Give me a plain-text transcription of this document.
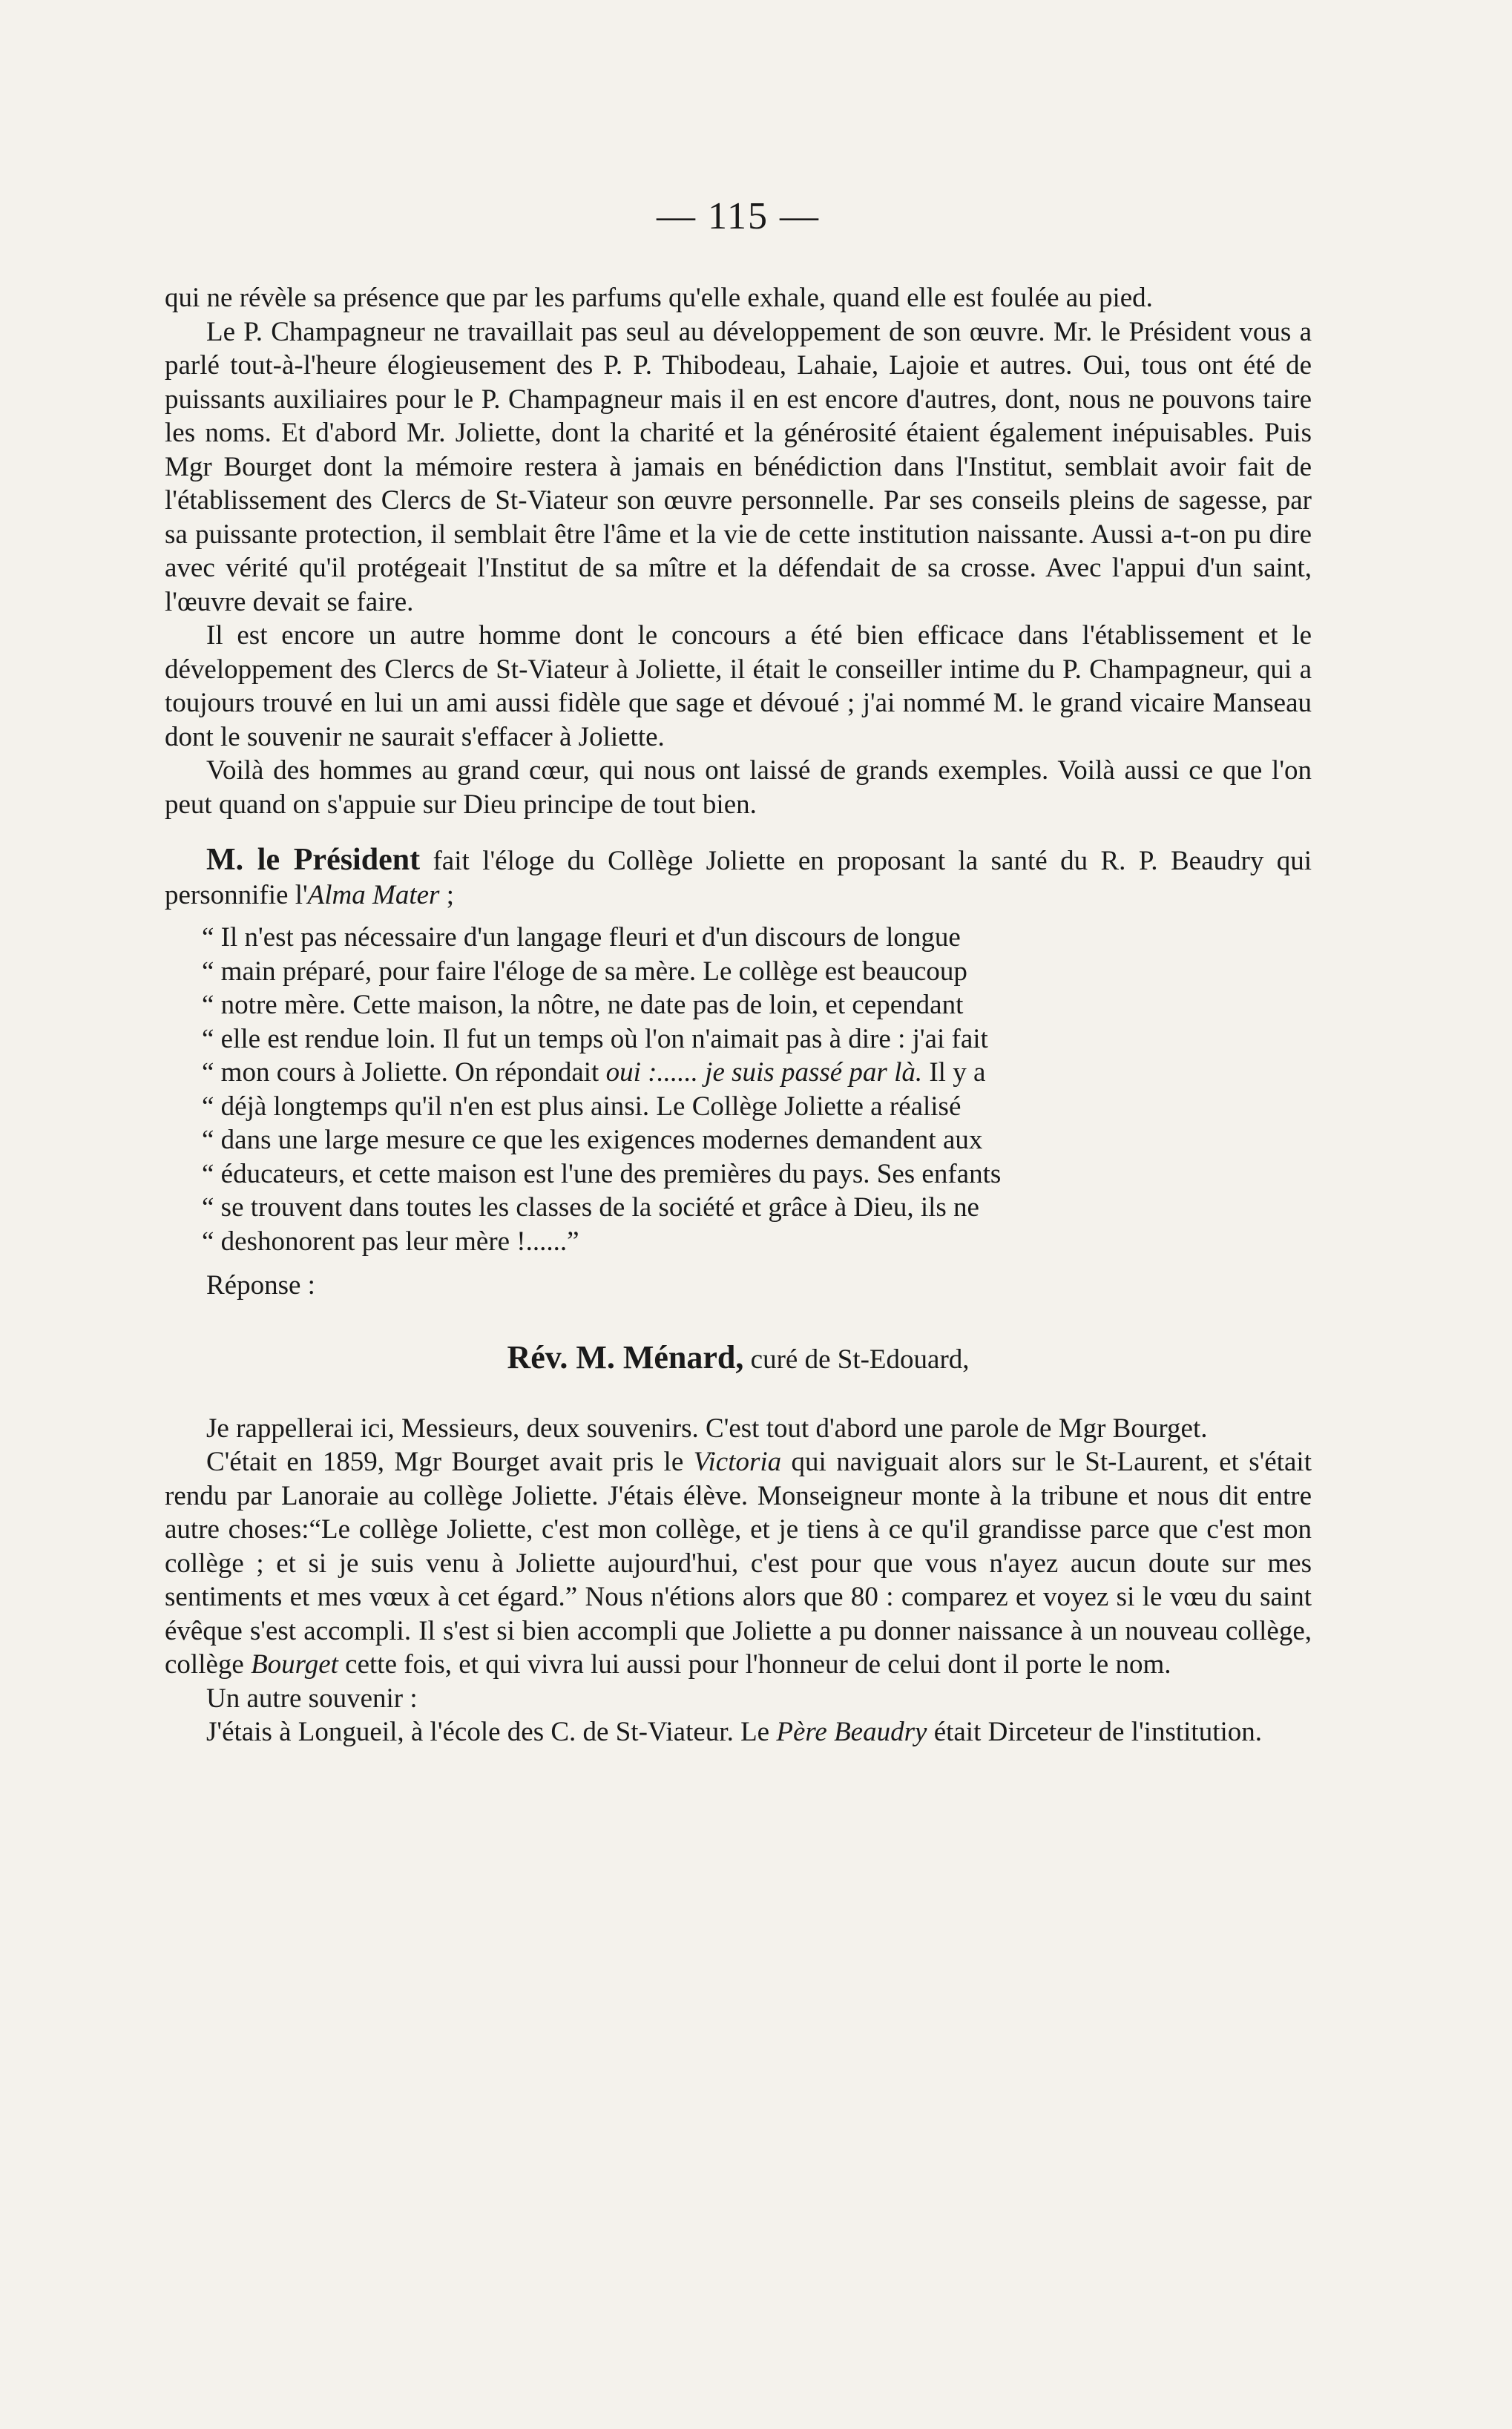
— 115 —

qui ne révèle sa présence que par les parfums qu'elle exhale, quand elle est foulée au pied.

Le P. Champagneur ne travaillait pas seul au développement de son œuvre. Mr. le Président vous a parlé tout-à-l'heure élogieusement des P. P. Thibodeau, Lahaie, Lajoie et autres. Oui, tous ont été de puissants auxiliaires pour le P. Champagneur mais il en est encore d'autres, dont, nous ne pouvons taire les noms. Et d'abord Mr. Joliette, dont la charité et la générosité étaient également inépuisables. Puis Mgr Bourget dont la mémoire restera à jamais en bénédiction dans l'Institut, semblait avoir fait de l'établissement des Clercs de St-Viateur son œuvre personnelle. Par ses conseils pleins de sagesse, par sa puissante protection, il semblait être l'âme et la vie de cette institution naissante. Aussi a-t-on pu dire avec vérité qu'il protégeait l'Institut de sa mître et la défendait de sa crosse. Avec l'appui d'un saint, l'œuvre devait se faire.

Il est encore un autre homme dont le concours a été bien efficace dans l'établissement et le développement des Clercs de St-Viateur à Joliette, il était le conseiller intime du P. Champagneur, qui a toujours trouvé en lui un ami aussi fidèle que sage et dévoué ; j'ai nommé M. le grand vicaire Manseau dont le souvenir ne saurait s'effacer à Joliette.

Voilà des hommes au grand cœur, qui nous ont laissé de grands exemples. Voilà aussi ce que l'on peut quand on s'appuie sur Dieu principe de tout bien.

M. le Président fait l'éloge du Collège Joliette en proposant la santé du R. P. Beaudry qui personnifie l'Alma Mater ;

“ Il n'est pas nécessaire d'un langage fleuri et d'un discours de longue
“ main préparé, pour faire l'éloge de sa mère. Le collège est beaucoup
“ notre mère. Cette maison, la nôtre, ne date pas de loin, et cependant
“ elle est rendue loin. Il fut un temps où l'on n'aimait pas à dire : j'ai fait
“ mon cours à Joliette. On répondait oui :...... je suis passé par là. Il y a
“ déjà longtemps qu'il n'en est plus ainsi. Le Collège Joliette a réalisé
“ dans une large mesure ce que les exigences modernes demandent aux
“ éducateurs, et cette maison est l'une des premières du pays. Ses enfants
“ se trouvent dans toutes les classes de la société et grâce à Dieu, ils ne
“ deshonorent pas leur mère !......”

Réponse :

Rév. M. Ménard, curé de St-Edouard,

Je rappellerai ici, Messieurs, deux souvenirs. C'est tout d'abord une parole de Mgr Bourget.

C'était en 1859, Mgr Bourget avait pris le Victoria qui naviguait alors sur le St-Laurent, et s'était rendu par Lanoraie au collège Joliette. J'étais élève. Monseigneur monte à la tribune et nous dit entre autre choses:“Le collège Joliette, c'est mon collège, et je tiens à ce qu'il grandisse parce que c'est mon collège ; et si je suis venu à Joliette aujourd'hui, c'est pour que vous n'ayez aucun doute sur mes sentiments et mes vœux à cet égard.” Nous n'étions alors que 80 : comparez et voyez si le vœu du saint évêque s'est accompli. Il s'est si bien accompli que Joliette a pu donner naissance à un nouveau collège, collège Bourget cette fois, et qui vivra lui aussi pour l'honneur de celui dont il porte le nom.

Un autre souvenir :

J'étais à Longueil, à l'école des C. de St-Viateur. Le Père Beaudry était Dirceteur de l'institution.
